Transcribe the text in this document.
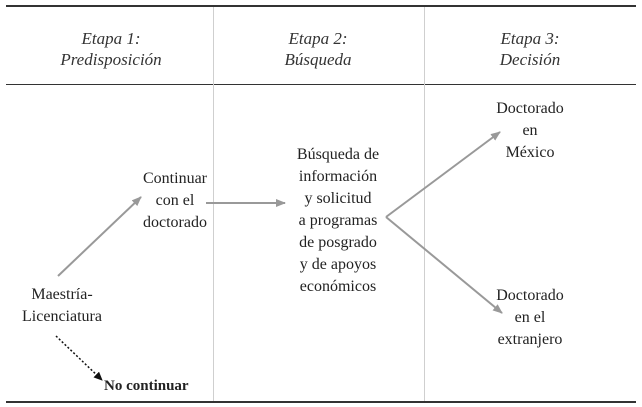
Etapa 1:
Predisposición
Etapa 2:
Búsqueda
Etapa 3:
Decisión
Maestría-
Licenciatura
Continuar
con el
doctorado
Búsqueda de
información
y solicitud
a programas
de posgrado
y de apoyos
económicos
Doctorado
en
México
Doctorado
en el
extranjero
No continuar
